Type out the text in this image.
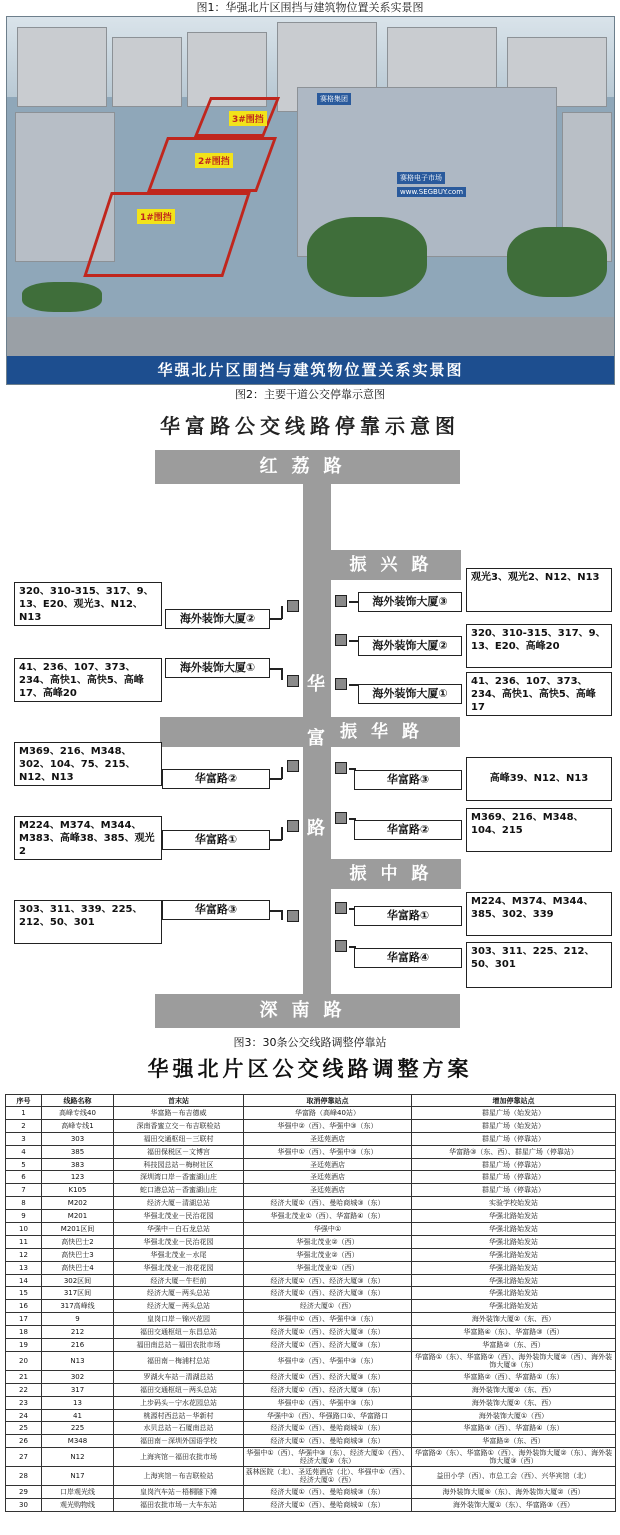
图1：华强北片区围挡与建筑物位置关系实景图
1#围挡
2#围挡
3#围挡
赛格集团
赛格电子市场
www.SEGBUY.com
华强北片区围挡与建筑物位置关系实景图
图2：主要干道公交停靠示意图
华富路公交线路停靠示意图
红荔路
振兴路
振华路
振中路
深南路
华
富
路
320、310-315、317、9、13、E20、观光3、N12、N13	海外装饰大厦②
41、236、107、373、234、高快1、高快5、高峰17、高峰20
海外装饰大厦①
M369、216、M348、302、104、75、215、N12、N13	华富路②
M224、M374、M344、M383、高峰38、385、观光2
华富路①
303、311、339、225、212、50、301
华富路③
海外装饰大厦③
观光3、观光2、N12、N13
海外装饰大厦②
320、310-315、317、9、13、E20、高峰20
海外装饰大厦①
41、236、107、373、234、高快1、高快5、高峰17
华富路③	高峰39、N12、N13
华富路②
M369、216、M348、104、215
华富路①
M224、M374、M344、385、302、339
华富路④	303、311、225、212、50、301
图3：30条公交线路调整停靠站
华强北片区公交线路调整方案
序号	线路名称	首末站	取消停靠站点	增加停靠站点
1	高峰专线40	华富路－布吉德威	华富路（高峰40站）	群星广场（始发站）
2	高峰专线1	深南香蜜立交－布吉联检站	华强中②（西）、华强中③（东）	群星广场（始发站）
3	303	福田交通枢纽－三联村	圣廷苑酒店	群星广场（停靠站）
4	385	福田保税区－文博宫	华强中①（西）、华强中③（东）	华富路③（东、西）、群星广场（停靠站）
5	383	科技园总站－梅树社区	圣廷苑酒店	群星广场（停靠站）
6	123	深圳湾口岸－香蜜湖山庄	圣廷苑酒店	群星广场（停靠站）
7	K105	蛇口港总站－香蜜湖山庄	圣廷苑酒店	群星广场（停靠站）
8	M202	经济大厦－清湖总站	经济大厦①（西）、曼哈商城③（东）	实验学校始发站
9	M201	华强北茂业－民治花园	华强北茂业①（西）、华富路④（东）	华强北路始发站
10	M201区间	华强中－白石龙总站	华强中①	华强北路始发站
11	高快巴士2	华强北茂业－民治花园	华强北茂业②（西）	华强北路始发站
12	高快巴士3	华强北茂业－水尾	华强北茂业②（西）	华强北路始发站
13	高快巴士4	华强北茂业－浪花花园	华强北茂业①（西）	华强北路始发站
14	302区间	经济大厦－牛栏前	经济大厦①（西）、经济大厦③（东）	华强北路始发站
15	317区间	经济大厦－两头总站	经济大厦①（西）、经济大厦③（东）	华强北路始发站
16	317高峰线	经济大厦－两头总站	经济大厦①（西）	华强北路始发站
17	9	皇岗口岸－锦兴花园	华强中①（西）、华强中③（东）	海外装饰大厦②（东、西）
18	212	福田交通枢纽－东昌总站	经济大厦①（西）、经济大厦③（东）	华富路④（东）、华富路③（西）
19	216	福田南总站－福田农批市场	经济大厦①（西）、经济大厦③（东）	华富路②（东、西）
20	N13	福田南－梅浦村总站	华强中②（西）、华强中③（东）	华富路①（东）、华富路②（西）、海外装饰大厦②（西）、海外装饰大厦③（东）
21	302	罗湖火车站－清湖总站	经济大厦①（西）、经济大厦③（东）	华富路②（西）、华富路①（东）
22	317	福田交通枢纽－两头总站	经济大厦①（西）、经济大厦③（东）	海外装饰大厦②（东、西）
23	13	上步码头－宁水花园总站	华强中①（西）、华强中③（东）	海外装饰大厦②（东、西）
24	41	桃源村西总站－华新村	华强中①（西）、华强路口①、华富路口	海外装饰大厦①（西）
25	225	水贝总站－石厦南总站	经济大厦①（西）、曼哈商城①（东）	华富路③（西）、华富路④（东）
26	M348	福田南－深圳外国语学校	经济大厦①（西）、曼哈商城③（东）	华富路②（东、西）
27	N12	上海宾馆－福田农批市场	华强中①（西）、华强中③（东）、经济大厦①（西）、经济大厦③（东）	华富路②（东）、华富路①（西）、海外装饰大厦②（东）、海外装饰大厦③（西）
28	N17	上海宾馆－布吉联检站	荔林医院（北）、圣廷苑酒店（北）、华强中①（西）、经济大厦①（西）	益田小学（西）、市总工会（西）、兴华宾馆（北）
29	口岸观光线	皇岗汽车站－梧桐隧下滩	经济大厦①（西）、曼哈商城③（东）	海外装饰大厦⑤（东）、海外装饰大厦②（西）
30	观光购物线	福田农批市场－大车东站	经济大厦①（西）、曼哈商城①（东）	海外装饰大厦①（东）、华富路③（西）
